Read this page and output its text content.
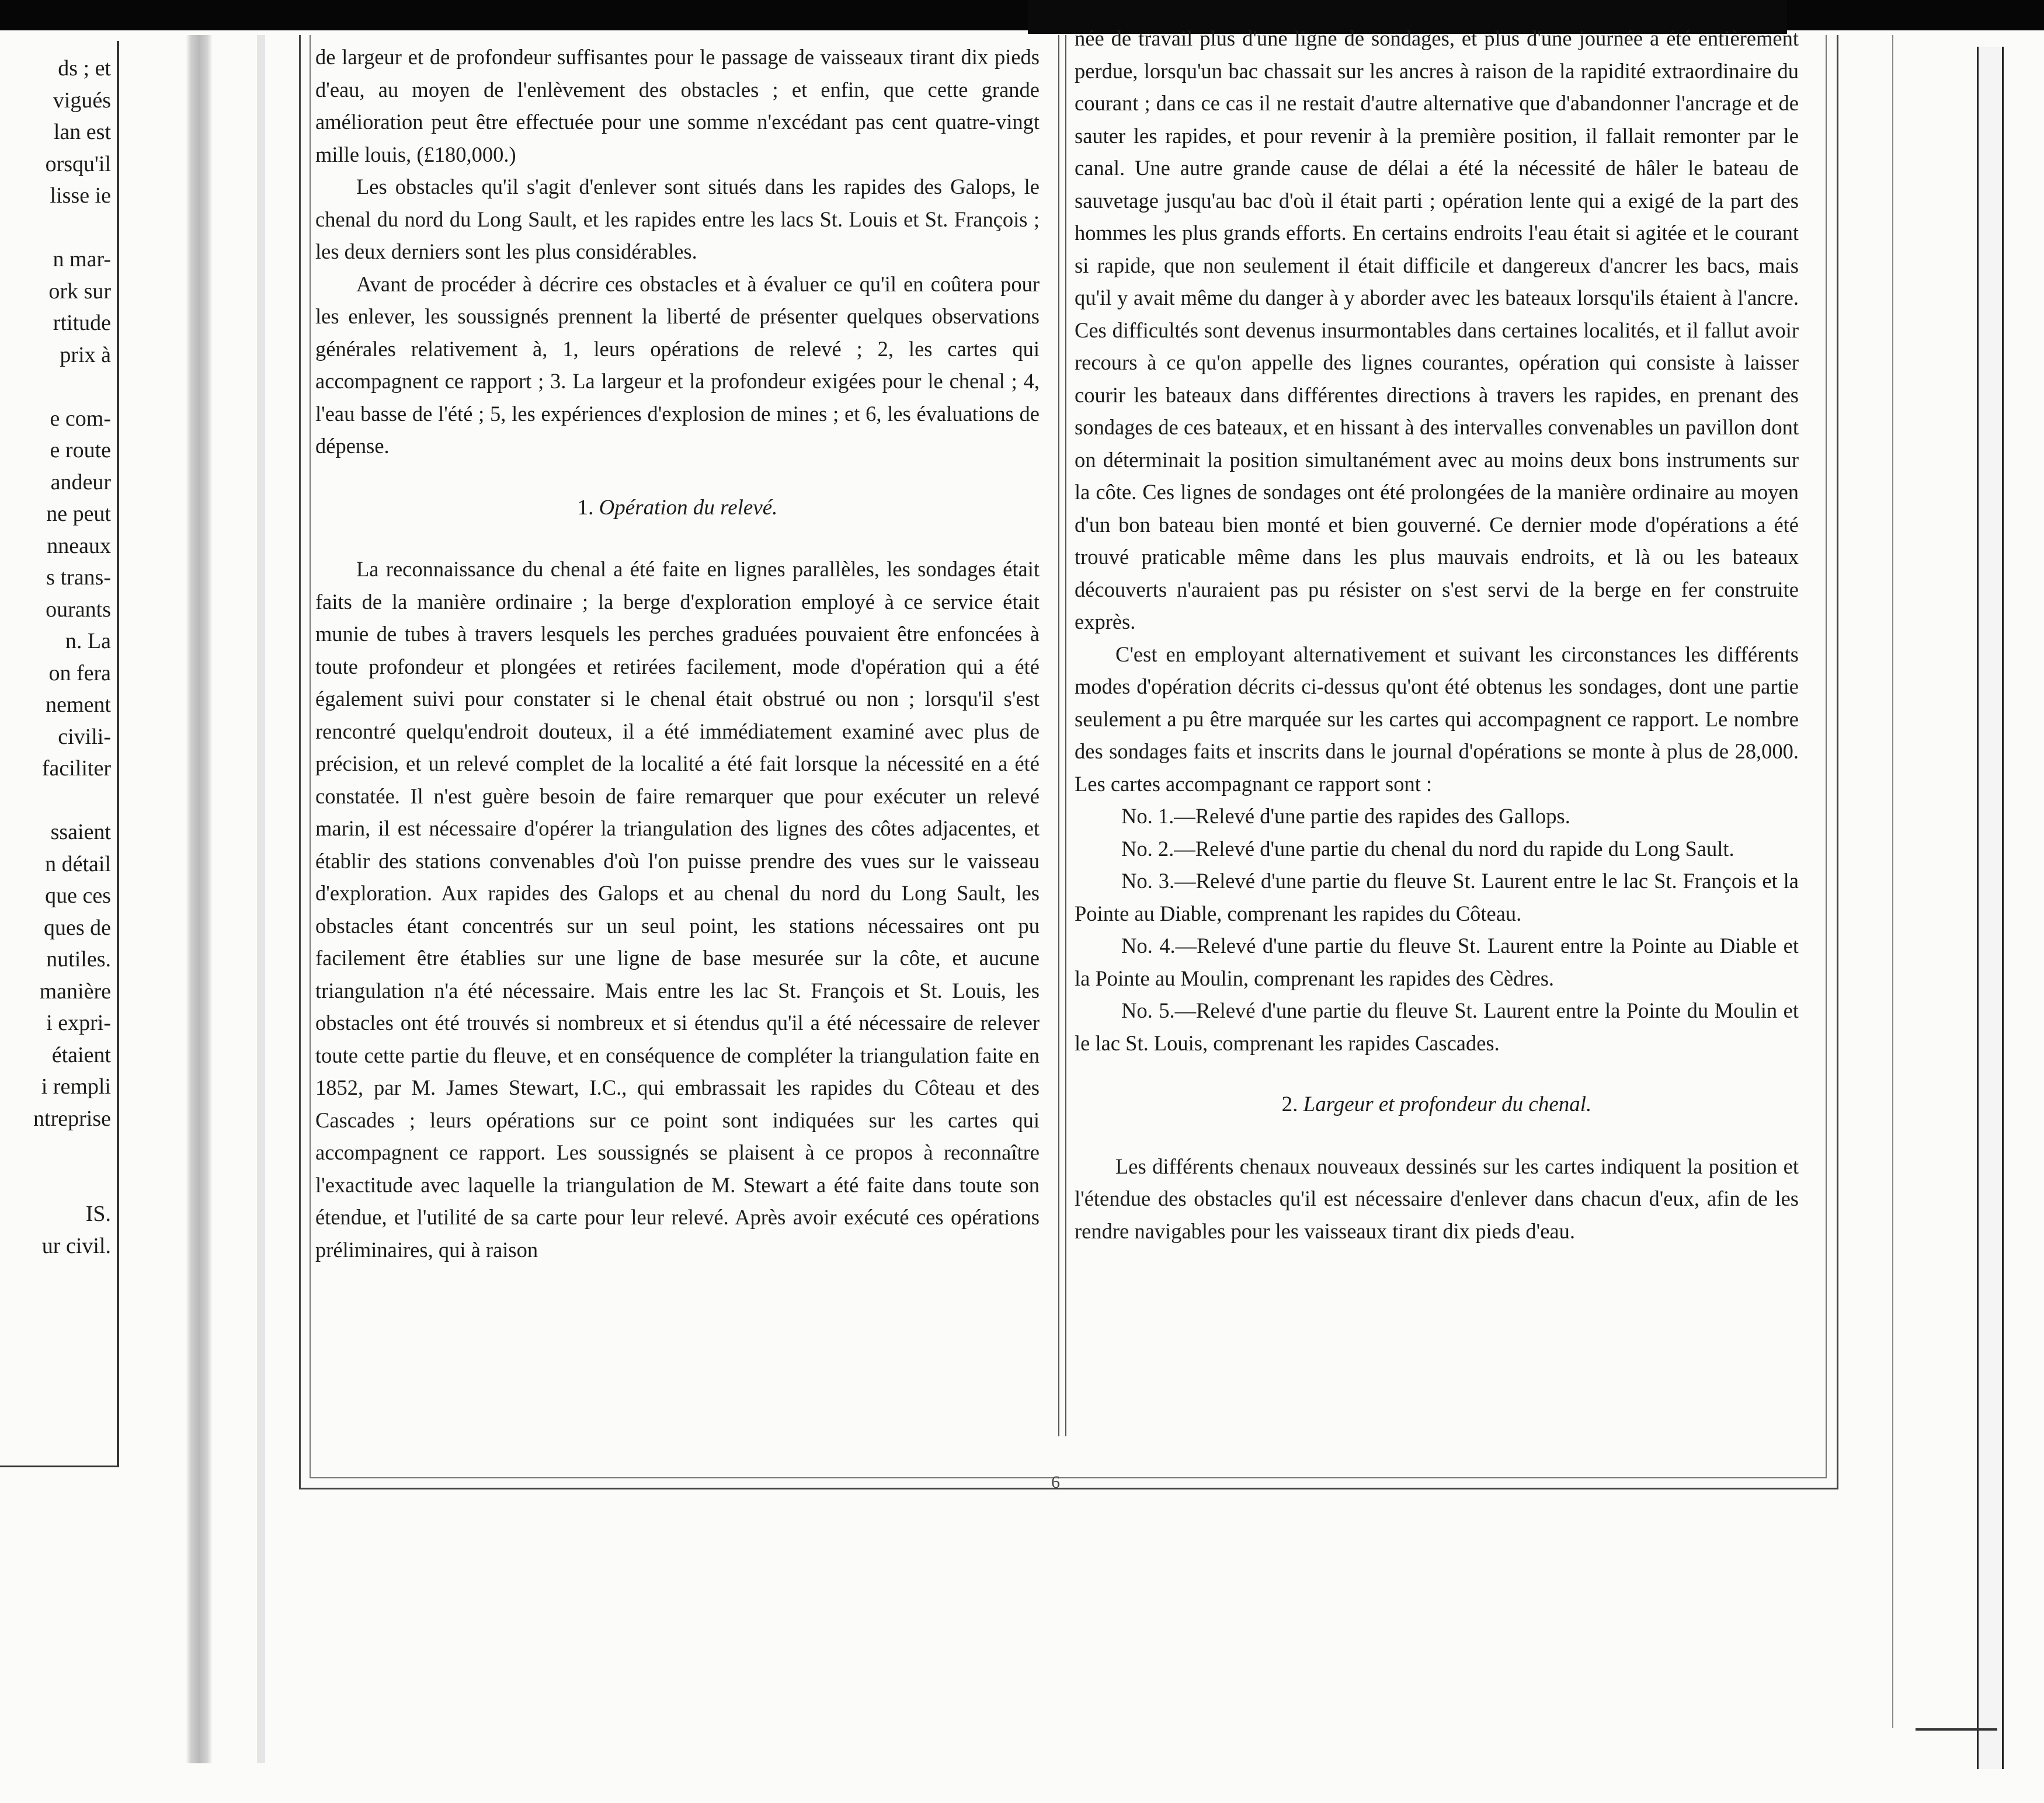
ds ; et

vigués

lan est

orsqu'il

lisse ie

n mar-

ork sur

rtitude

prix à

e com-

e route

andeur

ne peut

nneaux

s trans-

ourants

n. La

on fera

nement

civili-

faciliter

ssaient

n détail

que ces

ques de

nutiles.

manière

i expri-

étaient

i rempli

ntreprise

IS.

ur civil.

de largeur et de profondeur suffisantes pour le passage de vaisseaux tirant dix pieds d'eau, au moyen de l'enlèvement des obstacles ; et enfin, que cette grande amélioration peut être effectuée pour une somme n'excédant pas cent quatre-vingt mille louis, (£180,000.)

Les obstacles qu'il s'agit d'enlever sont situés dans les rapides des Galops, le chenal du nord du Long Sault, et les rapides entre les lacs St. Louis et St. François ; les deux derniers sont les plus considérables.

Avant de procéder à décrire ces obstacles et à évaluer ce qu'il en coûtera pour les enlever, les soussignés prennent la liberté de présenter quelques observations générales relativement à, 1, leurs opérations de relevé ; 2, les cartes qui accompagnent ce rapport ; 3. La largeur et la profondeur exigées pour le chenal ; 4, l'eau basse de l'été ; 5, les expériences d'explosion de mines ; et 6, les évaluations de dépense.

1. Opération du relevé.

La reconnaissance du chenal a été faite en lignes parallèles, les sondages était faits de la manière ordinaire ; la berge d'exploration employé à ce service était munie de tubes à travers lesquels les perches graduées pouvaient être enfoncées à toute profondeur et plongées et retirées facilement, mode d'opération qui a été également suivi pour constater si le chenal était obstrué ou non ; lorsqu'il s'est rencontré quelqu'endroit douteux, il a été immédiatement examiné avec plus de précision, et un relevé complet de la localité a été fait lorsque la nécessité en a été constatée. Il n'est guère besoin de faire remarquer que pour exécuter un relevé marin, il est nécessaire d'opérer la triangulation des lignes des côtes adjacentes, et établir des stations convenables d'où l'on puisse prendre des vues sur le vaisseau d'exploration. Aux rapides des Galops et au chenal du nord du Long Sault, les obstacles étant concentrés sur un seul point, les stations nécessaires ont pu facilement être établies sur une ligne de base mesurée sur la côte, et aucune triangulation n'a été nécessaire. Mais entre les lac St. François et St. Louis, les obstacles ont été trouvés si nombreux et si étendus qu'il a été nécessaire de relever toute cette partie du fleuve, et en conséquence de compléter la triangulation faite en 1852, par M. James Stewart, I.C., qui embrassait les rapides du Côteau et des Cascades ; leurs opérations sur ce point sont indiquées sur les cartes qui accompagnent ce rapport. Les soussignés se plaisent à ce propos à reconnaître l'exactitude avec laquelle la triangulation de M. Stewart a été faite dans toute son étendue, et l'utilité de sa carte pour leur relevé. Après avoir exécuté ces opérations préliminaires, qui à raison

née de travail plus d'une ligne de sondages, et plus d'une journée a été entièrement perdue, lorsqu'un bac chassait sur les ancres à raison de la rapidité extraordinaire du courant ; dans ce cas il ne restait d'autre alternative que d'abandonner l'ancrage et de sauter les rapides, et pour revenir à la première position, il fallait remonter par le canal. Une autre grande cause de délai a été la nécessité de hâler le bateau de sauvetage jusqu'au bac d'où il était parti ; opération lente qui a exigé de la part des hommes les plus grands efforts. En certains endroits l'eau était si agitée et le courant si rapide, que non seulement il était difficile et dangereux d'ancrer les bacs, mais qu'il y avait même du danger à y aborder avec les bateaux lorsqu'ils étaient à l'ancre. Ces difficultés sont devenus insurmontables dans certaines localités, et il fallut avoir recours à ce qu'on appelle des lignes courantes, opération qui consiste à laisser courir les bateaux dans différentes directions à travers les rapides, en prenant des sondages de ces bateaux, et en hissant à des intervalles convenables un pavillon dont on déterminait la position simultanément avec au moins deux bons instruments sur la côte. Ces lignes de sondages ont été prolongées de la manière ordinaire au moyen d'un bon bateau bien monté et bien gouverné. Ce dernier mode d'opérations a été trouvé praticable même dans les plus mauvais endroits, et là ou les bateaux découverts n'auraient pas pu résister on s'est servi de la berge en fer construite exprès.

C'est en employant alternativement et suivant les circonstances les différents modes d'opération décrits ci-dessus qu'ont été obtenus les sondages, dont une partie seulement a pu être marquée sur les cartes qui accompagnent ce rapport. Le nombre des sondages faits et inscrits dans le journal d'opérations se monte à plus de 28,000. Les cartes accompagnant ce rapport sont :

No. 1.—Relevé d'une partie des rapides des Gallops.

No. 2.—Relevé d'une partie du chenal du nord du rapide du Long Sault.

No. 3.—Relevé d'une partie du fleuve St. Laurent entre le lac St. François et la Pointe au Diable, comprenant les rapides du Côteau.

No. 4.—Relevé d'une partie du fleuve St. Laurent entre la Pointe au Diable et la Pointe au Moulin, comprenant les rapides des Cèdres.

No. 5.—Relevé d'une partie du fleuve St. Laurent entre la Pointe du Moulin et le lac St. Louis, comprenant les rapides Cascades.

2. Largeur et profondeur du chenal.

Les différents chenaux nouveaux dessinés sur les cartes indiquent la position et l'étendue des obstacles qu'il est nécessaire d'enlever dans chacun d'eux, afin de les rendre navigables pour les vaisseaux tirant dix pieds d'eau.

6
